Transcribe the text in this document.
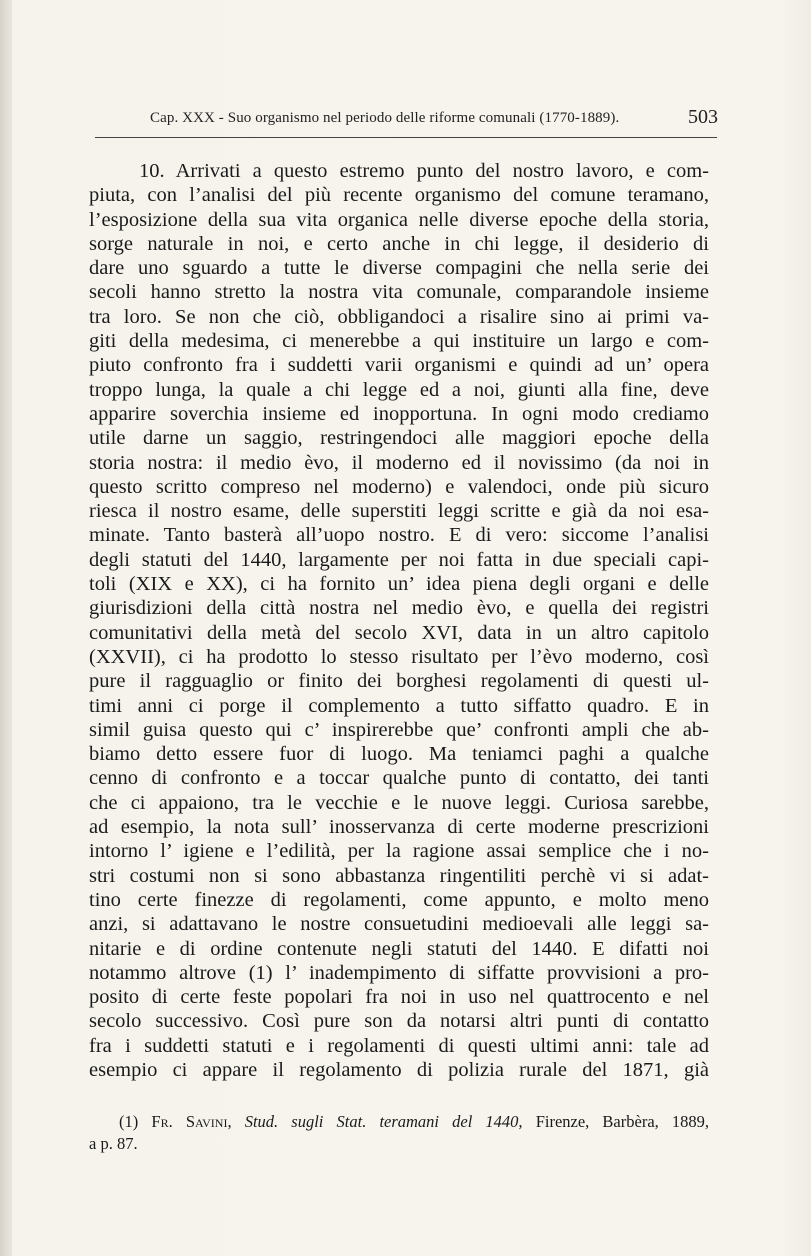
Cap. XXX - Suo organismo nel periodo delle riforme comunali (1770-1889).	503
10. Arrivati a questo estremo punto del nostro lavoro, e com-
piuta, con l’analisi del più recente organismo del comune teramano,
l’esposizione della sua vita organica nelle diverse epoche della storia,
sorge naturale in noi, e certo anche in chi legge, il desiderio di
dare uno sguardo a tutte le diverse compagini che nella serie dei
secoli hanno stretto la nostra vita comunale, comparandole insieme
tra loro. Se non che ciò, obbligandoci a risalire sino ai primi va-
giti della medesima, ci menerebbe a qui instituire un largo e com-
piuto confronto fra i suddetti varii organismi e quindi ad un’ opera
troppo lunga, la quale a chi legge ed a noi, giunti alla fine, deve
apparire soverchia insieme ed inopportuna. In ogni modo crediamo
utile darne un saggio, restringendoci alle maggiori epoche della
storia nostra: il medio èvo, il moderno ed il novissimo (da noi in
questo scritto compreso nel moderno) e valendoci, onde più sicuro
riesca il nostro esame, delle superstiti leggi scritte e già da noi esa-
minate. Tanto basterà all’uopo nostro. E di vero: siccome l’analisi
degli statuti del 1440, largamente per noi fatta in due speciali capi-
toli (XIX e XX), ci ha fornito un’ idea piena degli organi e delle
giurisdizioni della città nostra nel medio èvo, e quella dei registri
comunitativi della metà del secolo XVI, data in un altro capitolo
(XXVII), ci ha prodotto lo stesso risultato per l’èvo moderno, così
pure il ragguaglio or finito dei borghesi regolamenti di questi ul-
timi anni ci porge il complemento a tutto siffatto quadro. E in
simil guisa questo qui c’ inspirerebbe que’ confronti ampli che ab-
biamo detto essere fuor di luogo. Ma teniamci paghi a qualche
cenno di confronto e a toccar qualche punto di contatto, dei tanti
che ci appaiono, tra le vecchie e le nuove leggi. Curiosa sarebbe,
ad esempio, la nota sull’ inosservanza di certe moderne prescrizioni
intorno l’ igiene e l’edilità, per la ragione assai semplice che i no-
stri costumi non si sono abbastanza ringentiliti perchè vi si adat-
tino certe finezze di regolamenti, come appunto, e molto meno
anzi, si adattavano le nostre consuetudini medioevali alle leggi sa-
nitarie e di ordine contenute negli statuti del 1440. E difatti noi
notammo altrove (1) l’ inadempimento di siffatte provvisioni a pro-
posito di certe feste popolari fra noi in uso nel quattrocento e nel
secolo successivo. Così pure son da notarsi altri punti di contatto
fra i suddetti statuti e i regolamenti di questi ultimi anni: tale ad
esempio ci appare il regolamento di polizia rurale del 1871, già
(1) Fr. Savini, Stud. sugli Stat. teramani del 1440, Firenze, Barbèra, 1889,
a p. 87.
